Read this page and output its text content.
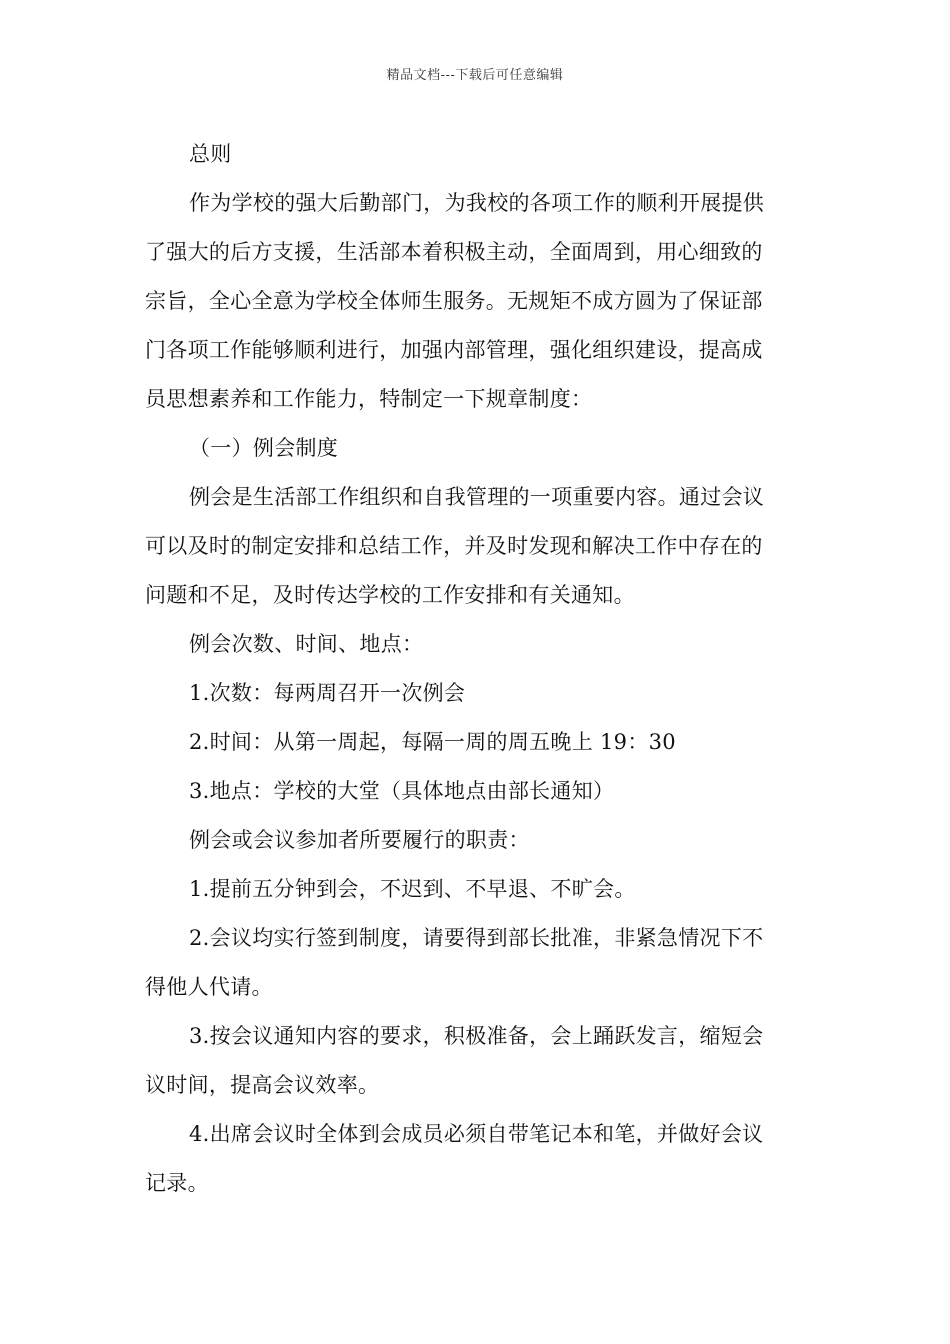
精品文档---下载后可任意编辑
总则
作为学校的强大后勤部门，为我校的各项工作的顺利开展提供
了强大的后方支援，生活部本着积极主动，全面周到，用心细致的
宗旨，全心全意为学校全体师生服务。无规矩不成方圆为了保证部
门各项工作能够顺利进行，加强内部管理，强化组织建设，提高成
员思想素养和工作能力，特制定一下规章制度：
（一）例会制度
例会是生活部工作组织和自我管理的一项重要内容。通过会议
可以及时的制定安排和总结工作，并及时发现和解决工作中存在的
问题和不足，及时传达学校的工作安排和有关通知。
例会次数、时间、地点：
1.次数：每两周召开一次例会
2.时间：从第一周起，每隔一周的周五晚上 19：30
3.地点：学校的大堂（具体地点由部长通知）
例会或会议参加者所要履行的职责：
1.提前五分钟到会，不迟到、不早退、不旷会。
2.会议均实行签到制度，请要得到部长批准，非紧急情况下不
得他人代请。
3.按会议通知内容的要求，积极准备，会上踊跃发言，缩短会
议时间，提高会议效率。
4.出席会议时全体到会成员必须自带笔记本和笔，并做好会议
记录。
